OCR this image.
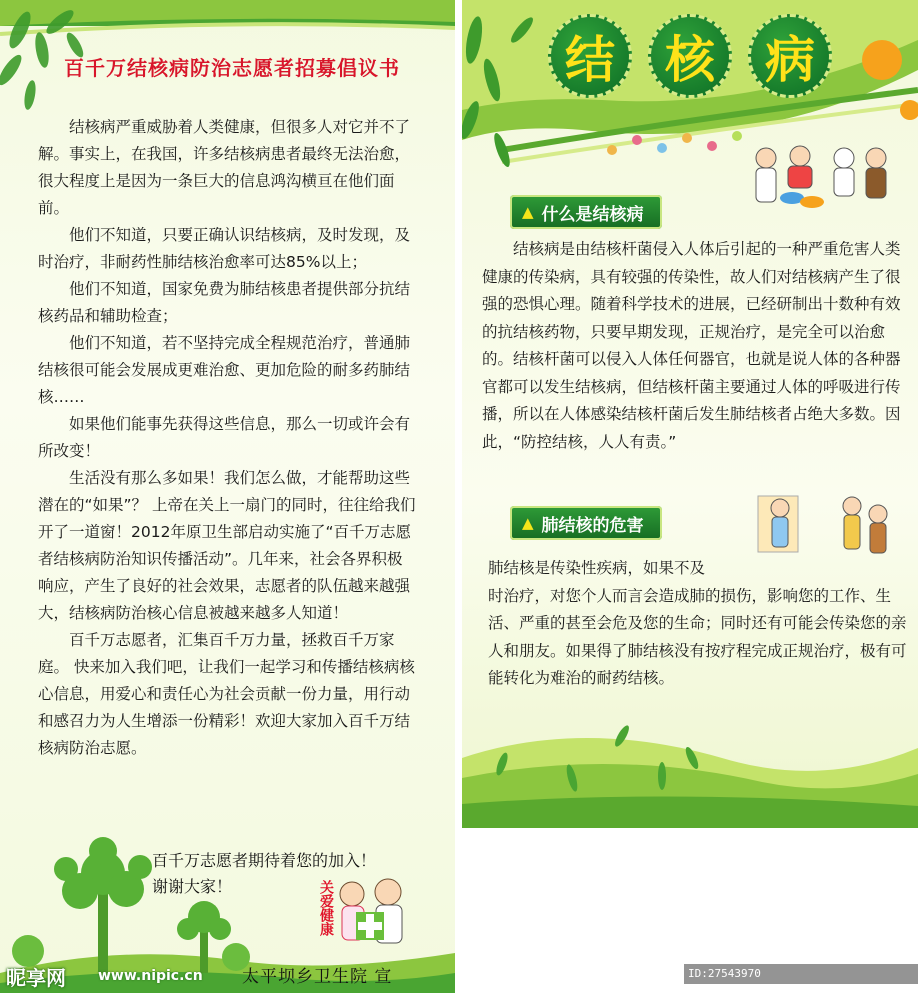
百千万结核病防治志愿者招募倡议书

结核病严重威胁着人类健康，但很多人对它并不了解。事实上，在我国，许多结核病患者最终无法治愈，很大程度上是因为一条巨大的信息鸿沟横亘在他们面前。

他们不知道，只要正确认识结核病，及时发现，及时治疗，非耐药性肺结核治愈率可达85%以上；

他们不知道，国家免费为肺结核患者提供部分抗结核药品和辅助检查；

他们不知道，若不坚持完成全程规范治疗，普通肺结核很可能会发展成更难治愈、更加危险的耐多药肺结核……

如果他们能事先获得这些信息，那么一切或许会有所改变！

生活没有那么多如果！我们怎么做，才能帮助这些潜在的“如果”？ 上帝在关上一扇门的同时，往往给我们开了一道窗！2012年原卫生部启动实施了“百千万志愿者结核病防治知识传播活动”。几年来，社会各界积极响应，产生了良好的社会效果，志愿者的队伍越来越强大，结核病防治核心信息被越来越多人知道！

百千万志愿者，汇集百千万力量，拯救百千万家庭。 快来加入我们吧，让我们一起学习和传播结核病核心信息，用爱心和责任心为社会贡献一份力量，用行动和感召力为人生增添一份精彩！欢迎大家加入百千万结核病防治志愿。

百千万志愿者期待着您的加入！
谢谢大家！	关爱健康
太平坝乡卫生院 宣
昵享网 www.nipic.cn
结	核	病
▲ 什么是结核病

结核病是由结核杆菌侵入人体后引起的一种严重危害人类健康的传染病，具有较强的传染性，故人们对结核病产生了很强的恐惧心理。随着科学技术的进展，已经研制出十数种有效的抗结核药物，只要早期发现，正规治疗，是完全可以治愈的。结核杆菌可以侵入人体任何器官，也就是说人体的各种器官都可以发生结核病，但结核杆菌主要通过人体的呼吸进行传播，所以在人体感染结核杆菌后发生肺结核者占绝大多数。因此，“防控结核，人人有责。”

▲ 肺结核的危害

肺结核是传染性疾病，如果不及

时治疗，对您个人而言会造成肺的损伤，影响您的工作、生活、严重的甚至会危及您的生命；同时还有可能会传染您的亲人和朋友。如果得了肺结核没有按疗程完成正规治疗，极有可能转化为难治的耐药结核。

ID:27543970 NO:20190416100222720000
